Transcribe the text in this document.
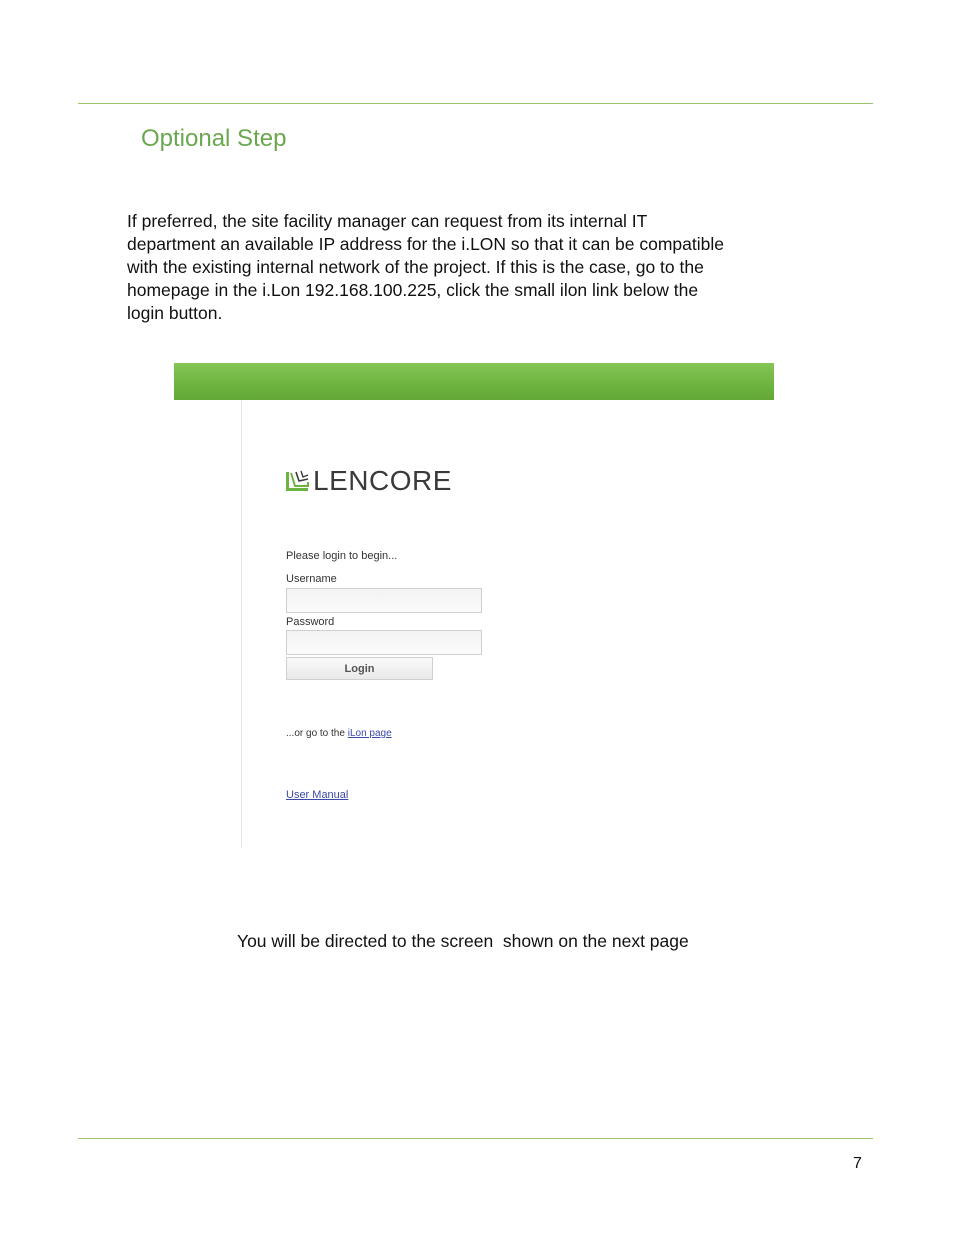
Optional Step

If preferred, the site facility manager can request from its internal IT department an available IP address for the i.LON so that it can be compatible with the existing internal network of the project. If this is the case, go to the homepage in the i.Lon 192.168.100.225, click the small ilon link below the login button.

LENCORE
Please login to begin...
Username
Password
Login
...or go to the iLon page
User Manual

You will be directed to the screen  shown on the next page

7
